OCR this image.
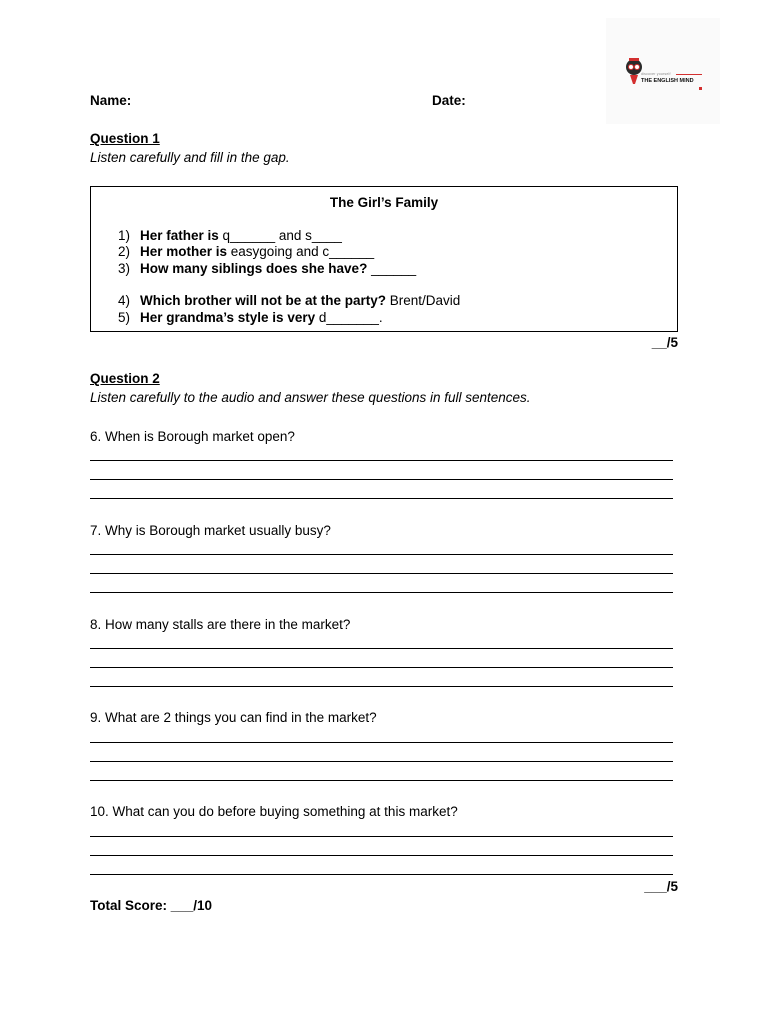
discover yourself
THE ENGLISH MIND
Name:	Date:
Question 1
Listen carefully and fill in the gap.
The Girl’s Family
1) Her father is q______ and s____
2) Her mother is easygoing and c______
3) How many siblings does she have? ______
4) Which brother will not be at the party? Brent/David
5) Her grandma’s style is very d_______.
__/5
Question 2
Listen carefully to the audio and answer these questions in full sentences.
6. When is Borough market open?
7. Why is Borough market usually busy?
8. How many stalls are there in the market?
9. What are 2 things you can find in the market?
10. What can you do before buying something at this market?
___/5
Total Score: ___/10
